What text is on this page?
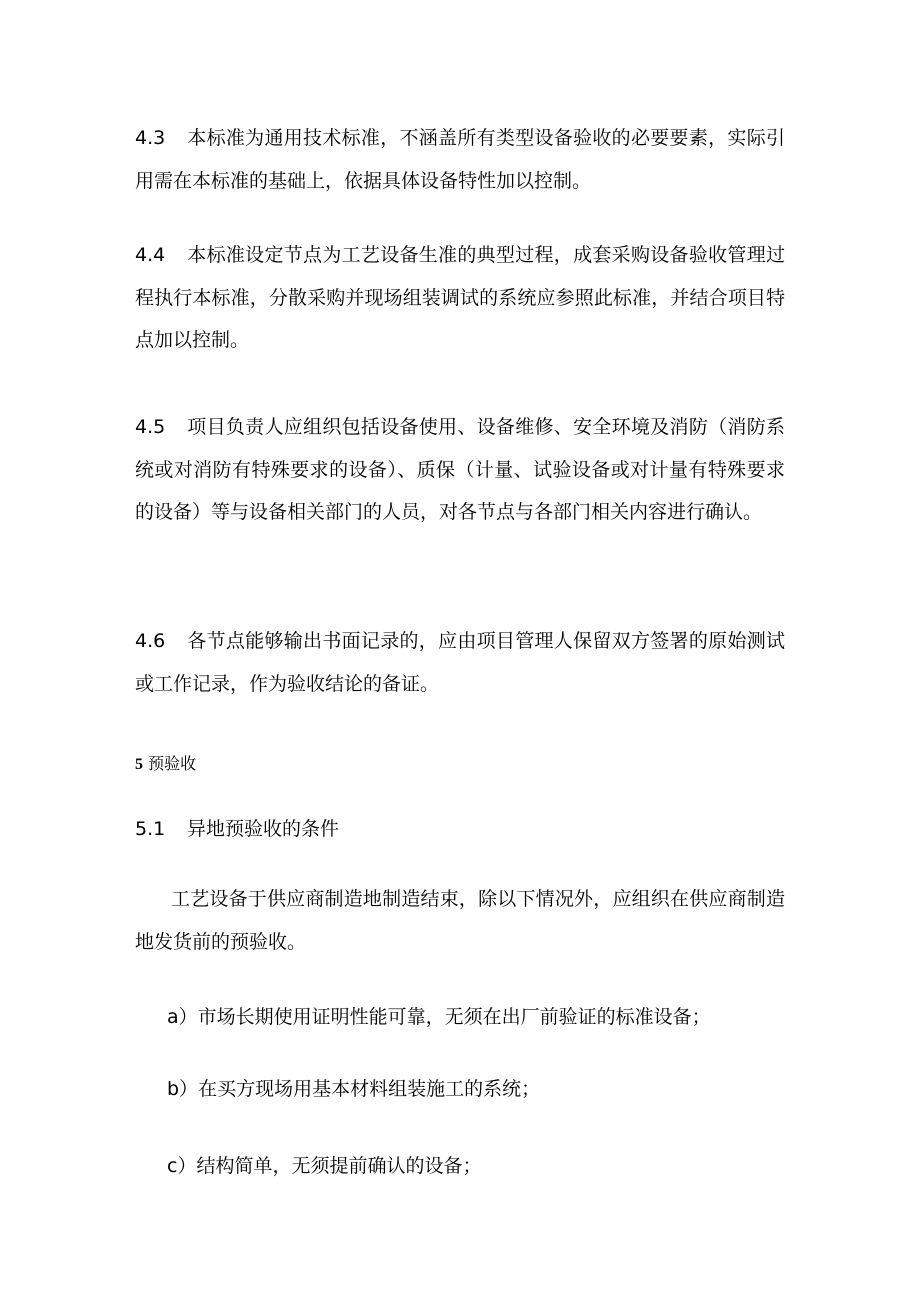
4.3 本标准为通用技术标准，不涵盖所有类型设备验收的必要要素，实际引用需在本标准的基础上，依据具体设备特性加以控制。

4.4 本标准设定节点为工艺设备生准的典型过程，成套采购设备验收管理过程执行本标准，分散采购并现场组装调试的系统应参照此标准，并结合项目特点加以控制。

4.5 项目负责人应组织包括设备使用、设备维修、安全环境及消防（消防系统或对消防有特殊要求的设备）、质保（计量、试验设备或对计量有特殊要求的设备）等与设备相关部门的人员，对各节点与各部门相关内容进行确认。

4.6 各节点能够输出书面记录的，应由项目管理人保留双方签署的原始测试或工作记录，作为验收结论的备证。

5 预验收

5.1 异地预验收的条件

工艺设备于供应商制造地制造结束，除以下情况外，应组织在供应商制造地发货前的预验收。

a）市场长期使用证明性能可靠，无须在出厂前验证的标准设备；

b）在买方现场用基本材料组装施工的系统；

c）结构简单，无须提前确认的设备；
